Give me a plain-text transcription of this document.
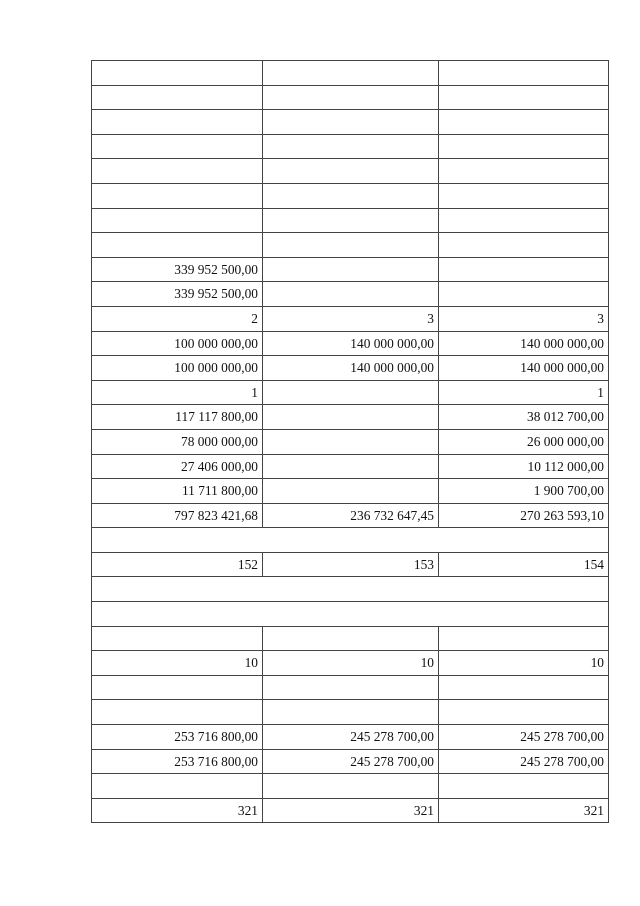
339 952 500,00		
339 952 500,00		
2	3	3
100 000 000,00	140 000 000,00	140 000 000,00
100 000 000,00	140 000 000,00	140 000 000,00
1		1
117 117 800,00		38 012 700,00
78 000 000,00		26 000 000,00
27 406 000,00		10 112 000,00
11 711 800,00		1 900 700,00
797 823 421,68	236 732 647,45	270 263 593,10

152	153	154

10	10	10

253 716 800,00	245 278 700,00	245 278 700,00
253 716 800,00	245 278 700,00	245 278 700,00

321	321	321
